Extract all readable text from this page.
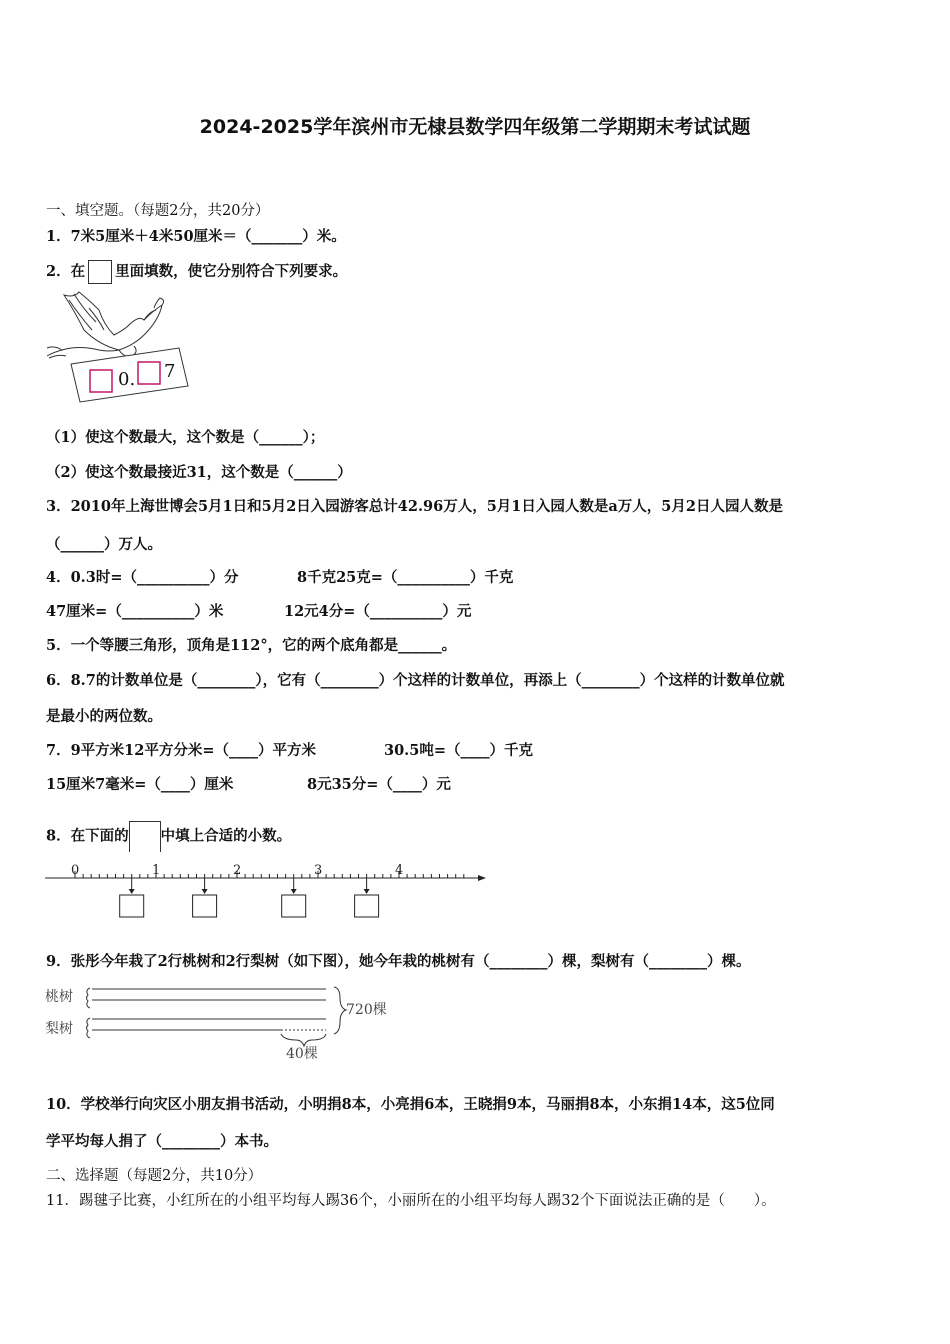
2024-2025学年滨州市无棣县数学四年级第二学期期末考试试题
一、填空题。（每题2分，共20分）
1．7米5厘米＋4米50厘米＝（_______）米。
2．在 里面填数，使它分别符合下列要求。
0. 7
（1）使这个数最大，这个数是（______）；
（2）使这个数最接近31，这个数是（______）
3．2010年上海世博会5月1日和5月2日入园游客总计42.96万人，5月1日入园人数是a万人，5月2日人园人数是
（______）万人。
4．0.3时=（__________）分	8千克25克=（__________）千克
47厘米=（__________）米	12元4分=（__________）元
5．一个等腰三角形，顶角是112°，它的两个底角都是______。
6．8.7的计数单位是（________），它有（________）个这样的计数单位，再添上（________）个这样的计数单位就
是最小的两位数。
7．9平方米12平方分米=（____）平方米	30.5吨=（____）千克
15厘米7毫米=（____）厘米	8元35分=（____）元
8．在下面的 中填上合适的小数。
0	1	2	3	4
9．张彤今年栽了2行桃树和2行梨树（如下图），她今年栽的桃树有（________）棵，梨树有（________）棵。
桃树
梨树
720棵
40棵
10．学校举行向灾区小朋友捐书活动，小明捐8本，小亮捐6本，王晓捐9本，马丽捐8本，小东捐14本，这5位同
学平均每人捐了（________）本书。
二、选择题（每题2分，共10分）
11．踢毽子比赛，小红所在的小组平均每人踢36个，小丽所在的小组平均每人踢32个下面说法正确的是（　　）。
